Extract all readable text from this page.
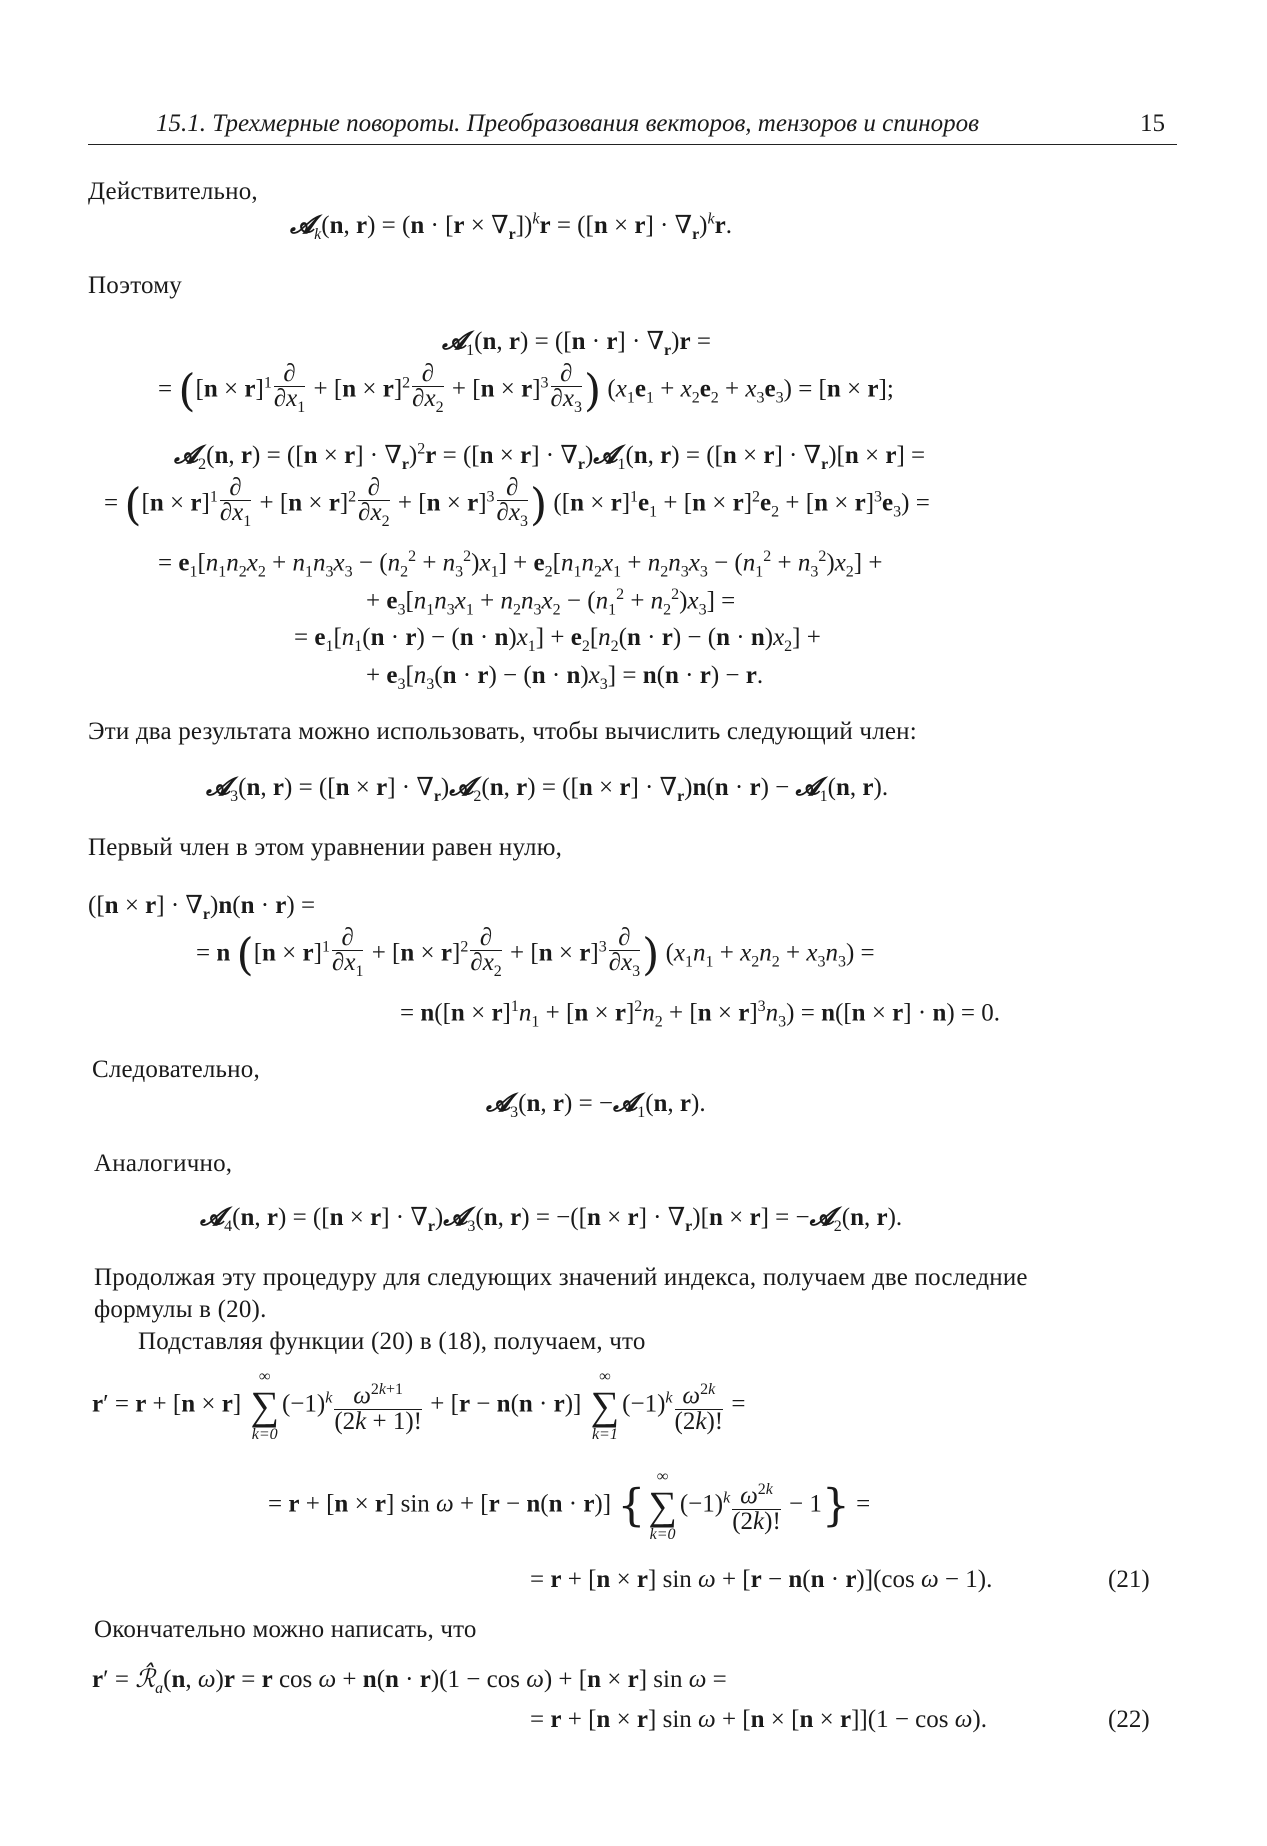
15.1. Трехмерные повороты. Преобразования векторов, тензоров и спиноров	15
Действительно,
𝓐$_k$(n, $r) = (n \cdot [r \times \nabla_r])^kr = ([n \times r] \cdot \nabla_r)^kr$.
Поэтому
𝓐$_1$(n, $r) = ([n \cdot r] \cdot \nabla_r)r$ =
= ($[n \times r]^1$ ∂
$\partial x_1$
+ $[n \times r]^2$ ∂
$\partial x_2$
+ $[n \times r]^3$ ∂
$\partial x_3$ ) $(x_1e_1 + x_2e_2 + x_3e_3) = [n \times r]$;
𝓐$_2$(n, $r) = ([n \times r] \cdot \nabla_r)^2r = ([n \times r]$ · $\nabla_r)𝓐_1(n$, $r) = ([n \times r] \cdot \nabla_r)[n \times r]$ =
= ($[n \times r]^1$ ∂
$\partial x_1$
+ $[n \times r]^2$ ∂
$\partial x_2$
+ $[n \times r]^3$ ∂
$\partial x_3$ ) $([n \times r]^1e_1 + [n \times r]^2e_2 + [n \times r]^3e_3)$ =
= $e_1[n_1n_2x_2 + n_1n_3x_3 - (n_2^2 + n_3^2)x_1] + e_2[n_1n_2x_1 + n_2n_3x_3 - (n_1^2 + n_3^2)x_2]$ +
+ $e_3[n_1n_3x_1 + n_2n_3x_2 - (n_1^2 + n_2^2)x_3]$ =
= $e_1[n_1(n \cdot r) - (n \cdot n)x_1] + e_2[n_2(n \cdot r) - (n \cdot n)x_2]$ +
+ $e_3[n_3(n \cdot r) - (n \cdot n)x_3] = n(n \cdot r) - r$.
Эти два результата можно использовать, чтобы вычислить следующий член:
𝓐$_3$(n, $r) = ([n \times r] \cdot \nabla_r)𝓐_2(n$, $r) = ([n \times r] \cdot \nabla_r)n(n \cdot r)$ − 𝓐$_1$(n, r).
Первый член в этом уравнении равен нулю,
$([n \times r] \cdot \nabla_r)n(n \cdot r)$ =
= n ($[n \times r]^1$ ∂
$\partial x_1$
+ $[n \times r]^2$ ∂
$\partial x_2$
+ $[n \times r]^3$ ∂
$\partial x_3$ ) $(x_1n_1 + x_2n_2 + x_3n_3)$ =
= $n([n \times r]^1n_1 + [n \times r]^2n_2 + [n \times r]^3n_3) = n([n \times r] \cdot n) = 0$.
Следовательно,
𝓐$_3$(n, r) = −𝓐$_1$(n, r).
Аналогично,
𝓐$_4$(n, $r) = ([n \times r] \cdot \nabla_r)𝓐_3(n$, $r) = -([n \times r] \cdot \nabla_r)[n \times r]$ = −𝓐$_2$(n, r).
Продолжая эту процедуру для следующих значений индекса, получаем две последние
формулы в (20).
Подставляя функции (20) в (18), получаем, что
r′ = r + [n × r]
∞
∑
k=0
$(-1)^k \frac{\omega^{2k+1}}{(2k + 1)!} + [r - n(n \cdot r)]$
∞
∑
k=1
$(-1)^k \frac{\omega^{2k}}{(2k)!}$ =
= r + [n × r] sin ω + [r − n(n · r)] {
∞
∑
k=0
$(-1)^k \frac{\omega^{2k}}{(2k)!} - 1$} =
= r + [n × r] sin ω + [r − n(n · r)](cos ω − 1).	(21)
Окончательно можно написать, что
$r' = ℛ̂_a(n$, ω)r = r cos ω + n(n · r)(1 − cos ω) + [n × r] sin ω =
= r + [n × r] sin ω + [n × [n × r]](1 − cos ω).	(22)
